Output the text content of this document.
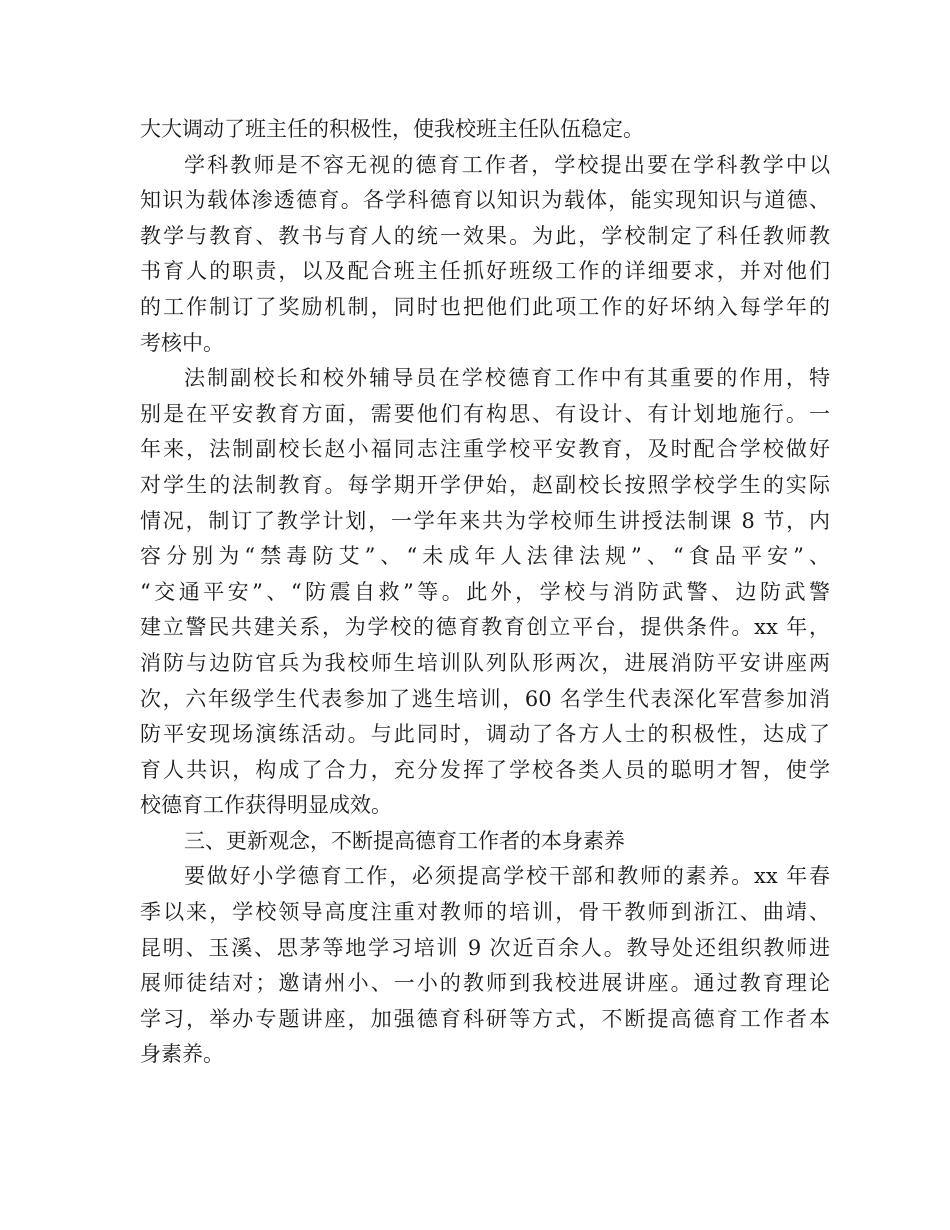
大大调动了班主任的积极性，使我校班主任队伍稳定。
学科教师是不容无视的德育工作者，学校提出要在学科教学中以
知识为载体渗透德育。各学科德育以知识为载体，能实现知识与道德、
教学与教育、教书与育人的统一效果。为此，学校制定了科任教师教
书育人的职责，以及配合班主任抓好班级工作的详细要求，并对他们
的工作制订了奖励机制，同时也把他们此项工作的好坏纳入每学年的
考核中。
法制副校长和校外辅导员在学校德育工作中有其重要的作用，特
别是在平安教育方面，需要他们有构思、有设计、有计划地施行。一
年来，法制副校长赵小福同志注重学校平安教育，及时配合学校做好
对学生的法制教育。每学期开学伊始，赵副校长按照学校学生的实际
情况，制订了教学计划，一学年来共为学校师生讲授法制课 8 节，内
容分别为“禁毒防艾”、“未成年人法律法规”、“食品平安”、
“交通平安”、“防震自救”等。此外，学校与消防武警、边防武警
建立警民共建关系，为学校的德育教育创立平台，提供条件。xx 年，
消防与边防官兵为我校师生培训队列队形两次，进展消防平安讲座两
次，六年级学生代表参加了逃生培训，60 名学生代表深化军营参加消
防平安现场演练活动。与此同时，调动了各方人士的积极性，达成了
育人共识，构成了合力，充分发挥了学校各类人员的聪明才智，使学
校德育工作获得明显成效。
三、更新观念，不断提高德育工作者的本身素养
要做好小学德育工作，必须提高学校干部和教师的素养。xx 年春
季以来，学校领导高度注重对教师的培训，骨干教师到浙江、曲靖、
昆明、玉溪、思茅等地学习培训 9 次近百余人。教导处还组织教师进
展师徒结对；邀请州小、一小的教师到我校进展讲座。通过教育理论
学习，举办专题讲座，加强德育科研等方式，不断提高德育工作者本
身素养。
